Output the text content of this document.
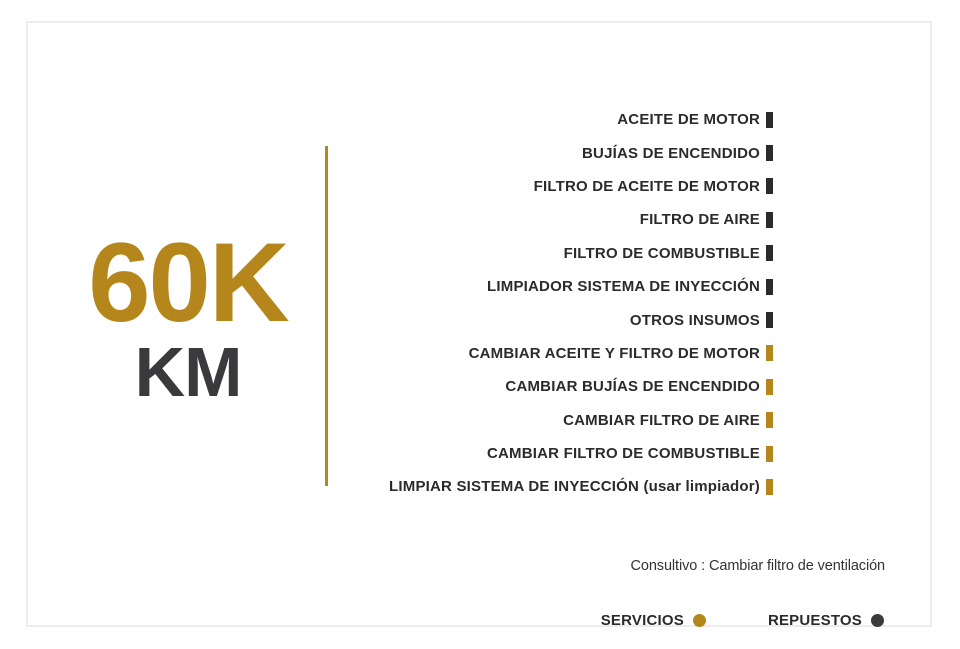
60K
KM
ACEITE DE MOTOR
BUJÍAS DE ENCENDIDO
FILTRO DE ACEITE DE MOTOR
FILTRO DE AIRE
FILTRO DE COMBUSTIBLE
LIMPIADOR SISTEMA DE INYECCIÓN
OTROS INSUMOS
CAMBIAR ACEITE Y FILTRO DE MOTOR
CAMBIAR BUJÍAS DE ENCENDIDO
CAMBIAR FILTRO DE AIRE
CAMBIAR FILTRO DE COMBUSTIBLE
LIMPIAR SISTEMA DE INYECCIÓN (usar limpiador)
Consultivo : Cambiar filtro de ventilación
SERVICIOS	REPUESTOS
